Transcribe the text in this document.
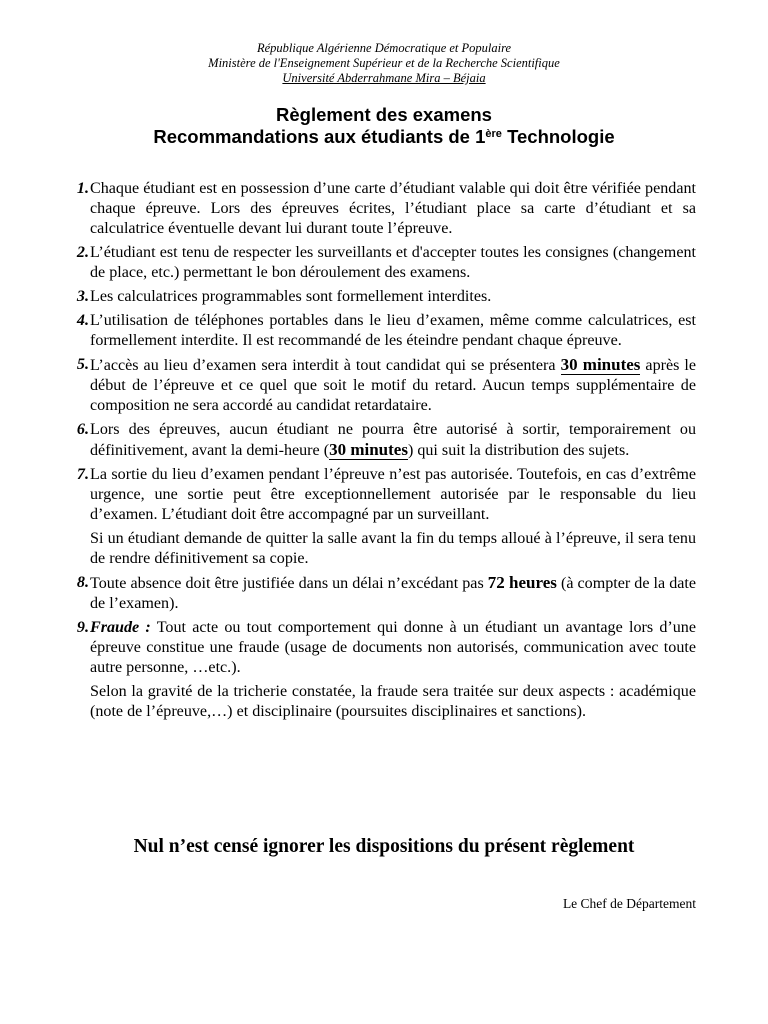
République Algérienne Démocratique et Populaire
Ministère de l'Enseignement Supérieur et de la Recherche Scientifique
Université Abderrahmane Mira – Béjaia
Règlement des examens
Recommandations aux étudiants de 1ère Technologie
1. Chaque étudiant est en possession d’une carte d’étudiant valable qui doit être vérifiée pendant chaque épreuve. Lors des épreuves écrites, l’étudiant place sa carte d’étudiant et sa calculatrice éventuelle devant lui durant toute l’épreuve.
2. L’étudiant est tenu de respecter les surveillants et d'accepter toutes les consignes (changement de place, etc.) permettant le bon déroulement des examens.
3. Les calculatrices programmables sont formellement interdites.
4. L’utilisation de téléphones portables dans le lieu d’examen, même comme calculatrices, est formellement interdite. Il est recommandé de les éteindre pendant chaque épreuve.
5. L’accès au lieu d’examen sera interdit à tout candidat qui se présentera 30 minutes après le début de l’épreuve et ce quel que soit le motif du retard. Aucun temps supplémentaire de composition ne sera accordé au candidat retardataire.
6. Lors des épreuves, aucun étudiant ne pourra être autorisé à sortir, temporairement ou définitivement, avant la demi-heure (30 minutes) qui suit la distribution des sujets.
7. La sortie du lieu d’examen pendant l’épreuve n’est pas autorisée. Toutefois, en cas d’extrême urgence, une sortie peut être exceptionnellement autorisée par le responsable du lieu d’examen. L’étudiant doit être accompagné par un surveillant.
Si un étudiant demande de quitter la salle avant la fin du temps alloué à l’épreuve, il sera tenu de rendre définitivement sa copie.
8. Toute absence doit être justifiée dans un délai n’excédant pas 72 heures (à compter de la date de l’examen).
9. Fraude : Tout acte ou tout comportement qui donne à un étudiant un avantage lors d’une épreuve constitue une fraude (usage de documents non autorisés, communication avec toute autre personne, …etc.).
Selon la gravité de la tricherie constatée, la fraude sera traitée sur deux aspects : académique (note de l’épreuve,…) et disciplinaire (poursuites disciplinaires et sanctions).
Nul n’est censé ignorer les dispositions du présent règlement
Le Chef de Département
